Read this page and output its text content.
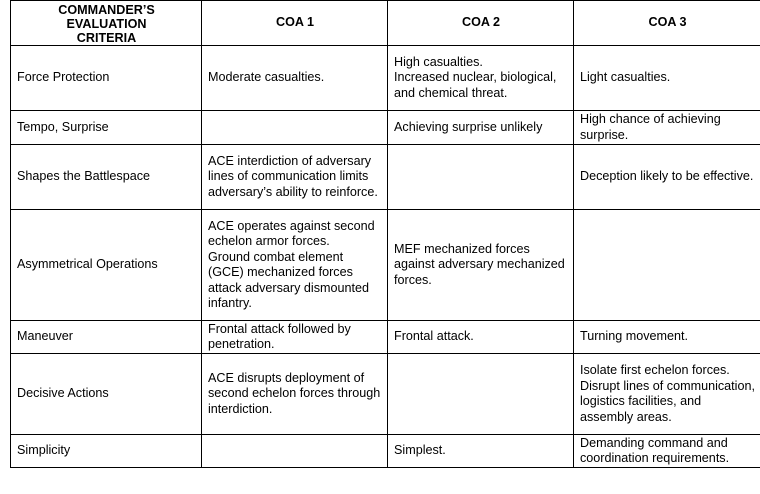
COMMANDER’S EVALUATION CRITERIA	COA 1	COA 2	COA 3

Force Protection	Moderate casualties.	High casualties.
Increased nuclear, biological, and chemical threat.	Light casualties.

Tempo, Surprise		Achieving surprise unlikely	High chance of achieving surprise.

Shapes the Battlespace	ACE interdiction of adversary lines of communication limits adversary’s ability to reinforce.		Deception likely to be effective.

Asymmetrical Operations	ACE operates against second echelon armor forces.
Ground combat element (GCE) mechanized forces attack adversary dismounted infantry.	MEF mechanized forces against adversary mechanized forces.	

Maneuver	Frontal attack followed by penetration.	Frontal attack.	Turning movement.

Decisive Actions	ACE disrupts deployment of second echelon forces through interdiction.		Isolate first echelon forces.
Disrupt lines of communication, logistics facilities, and assembly areas.

Simplicity		Simplest.	Demanding command and coordination requirements.
